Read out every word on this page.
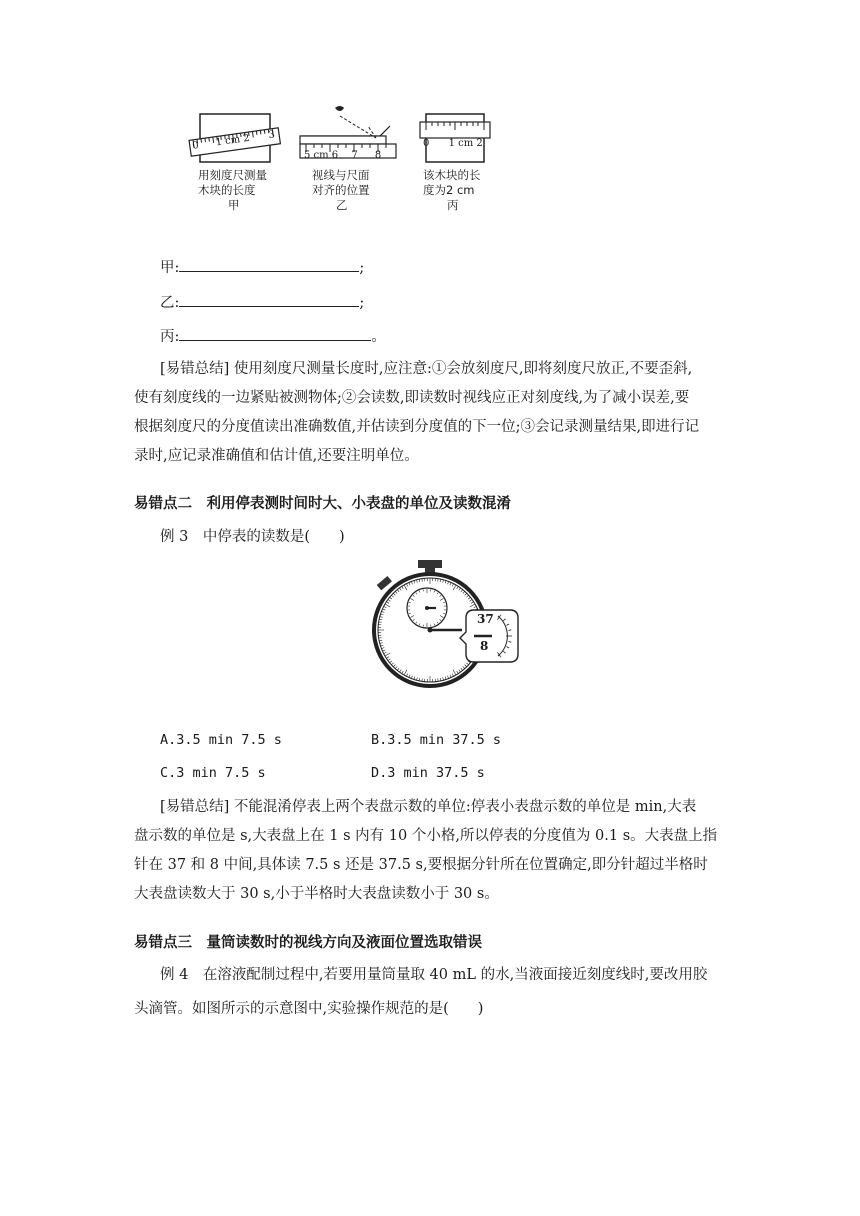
0 1 cm 2 3
5 cm 6 7 8
0 1 cm 2
用刻度尺测量
木块的长度
甲
视线与尺面
对齐的位置
乙
该木块的长
度为2 cm
丙
甲:	;
乙:	;
丙:	。
[易错总结] 使用刻度尺测量长度时,应注意:①会放刻度尺,即将刻度尺放正,不要歪斜,
使有刻度线的一边紧贴被测物体;②会读数,即读数时视线应正对刻度线,为了减小误差,要
根据刻度尺的分度值读出准确数值,并估读到分度值的下一位;③会记录测量结果,即进行记
录时,应记录准确值和估计值,还要注明单位。
易错点二　利用停表测时间时大、小表盘的单位及读数混淆
例 3　中停表的读数是(　　)
37
8
A.3.5 min 7.5 s	B.3.5 min 37.5 s
C.3 min 7.5 s	D.3 min 37.5 s
[易错总结] 不能混淆停表上两个表盘示数的单位:停表小表盘示数的单位是 min,大表
盘示数的单位是 s,大表盘上在 1 s 内有 10 个小格,所以停表的分度值为 0.1 s。大表盘上指
针在 37 和 8 中间,具体读 7.5 s 还是 37.5 s,要根据分针所在位置确定,即分针超过半格时
大表盘读数大于 30 s,小于半格时大表盘读数小于 30 s。
易错点三　量筒读数时的视线方向及液面位置选取错误
例 4　在溶液配制过程中,若要用量筒量取 40 mL 的水,当液面接近刻度线时,要改用胶
头滴管。如图所示的示意图中,实验操作规范的是(　　)
